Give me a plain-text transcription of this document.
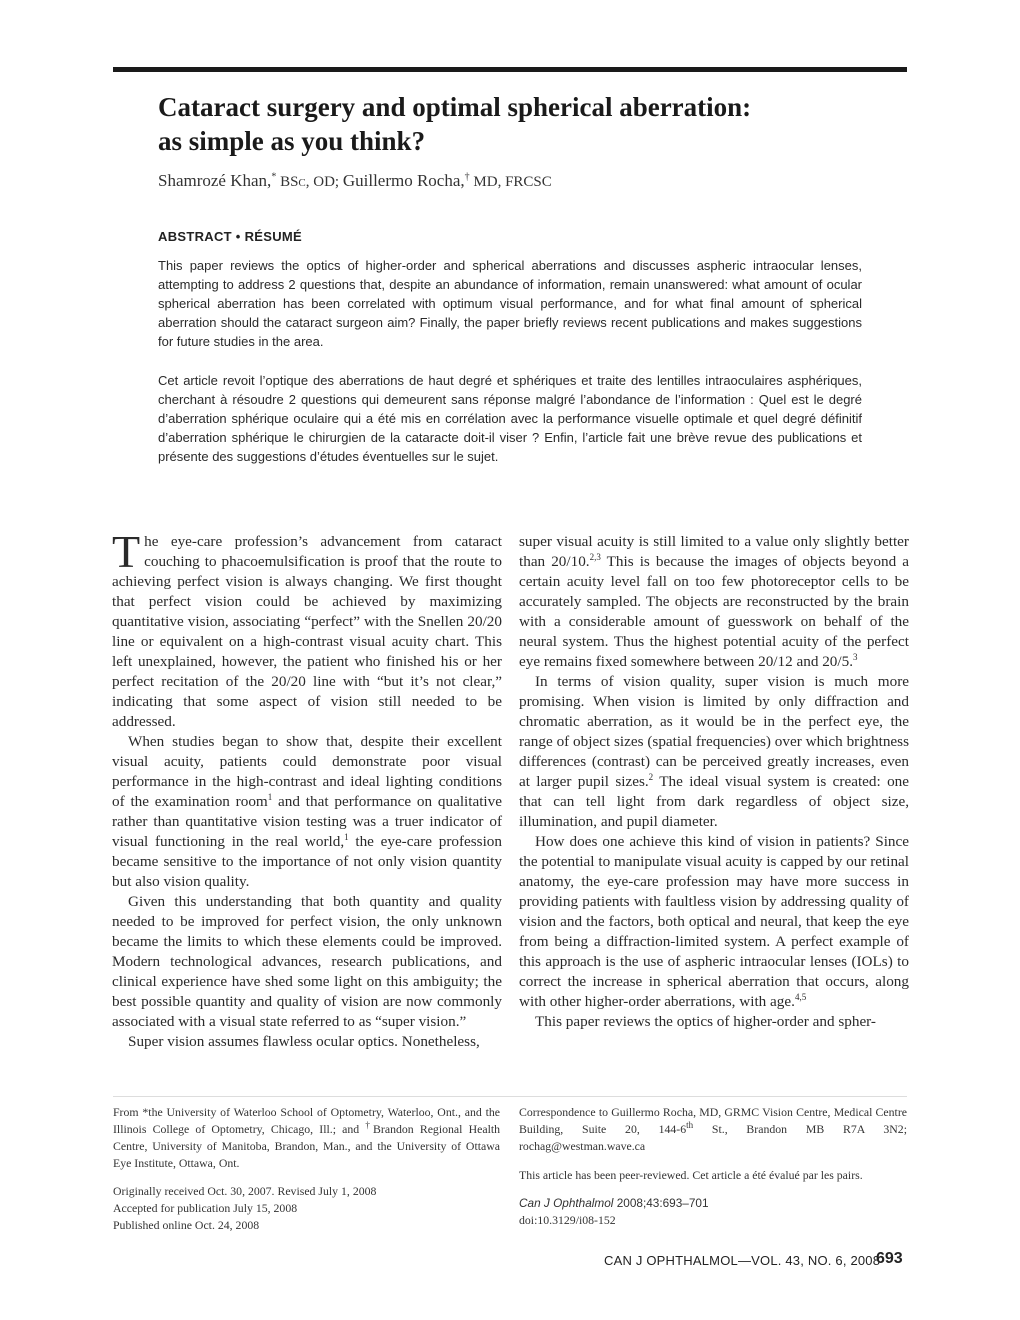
Cataract surgery and optimal spherical aberration:
as simple as you think?
Shamrozé Khan,* BSc, OD; Guillermo Rocha,† MD, FRCSC
ABSTRACT • RÉSUMÉ

This paper reviews the optics of higher-order and spherical aberrations and discusses aspheric intraocular lenses, attempting to address 2 questions that, despite an abundance of information, remain unanswered: what amount of ocular spherical aberration has been correlated with optimum visual performance, and for what final amount of spherical aberration should the cataract surgeon aim? Finally, the paper briefly reviews recent publications and makes suggestions for future studies in the area.

Cet article revoit l’optique des aberrations de haut degré et sphériques et traite des lentilles intraoculaires asphériques, cherchant à résoudre 2 questions qui demeurent sans réponse malgré l’abondance de l’information : Quel est le degré d’aberration sphérique oculaire qui a été mis en corrélation avec la performance visuelle optimale et quel degré définitif d’aberration sphérique le chirurgien de la cataracte doit-il viser ? Enfin, l’article fait une brève revue des publications et présente des suggestions d’études éventuelles sur le sujet.

The eye-care profession’s advancement from cataract couching to phacoemulsification is proof that the route to achieving perfect vision is always changing. We first thought that perfect vision could be achieved by maximizing quantitative vision, associating “perfect” with the Snellen 20/20 line or equivalent on a high-contrast visual acuity chart. This left unexplained, however, the patient who finished his or her perfect recitation of the 20/20 line with “but it’s not clear,” indicating that some aspect of vision still needed to be addressed.

When studies began to show that, despite their excellent visual acuity, patients could demonstrate poor visual performance in the high-contrast and ideal lighting conditions of the examination room$^1$ and that performance on qualitative rather than quantitative vision testing was a truer indicator of visual functioning in the real world,$^1$ the eye-care profession became sensitive to the importance of not only vision quantity but also vision quality.

Given this understanding that both quantity and quality needed to be improved for perfect vision, the only unknown became the limits to which these elements could be improved. Modern technological advances, research publications, and clinical experience have shed some light on this ambiguity; the best possible quantity and quality of vision are now commonly associated with a visual state referred to as “super vision.”

Super vision assumes flawless ocular optics. Nonetheless,

super visual acuity is still limited to a value only slightly better than 20/10.$^{2,3}$ This is because the images of objects beyond a certain acuity level fall on too few photoreceptor cells to be accurately sampled. The objects are reconstructed by the brain with a considerable amount of guesswork on behalf of the neural system. Thus the highest potential acuity of the perfect eye remains fixed somewhere between 20/12 and 20/5.$^3$

In terms of vision quality, super vision is much more promising. When vision is limited by only diffraction and chromatic aberration, as it would be in the perfect eye, the range of object sizes (spatial frequencies) over which brightness differences (contrast) can be perceived greatly increases, even at larger pupil sizes.$^2$ The ideal visual system is created: one that can tell light from dark regardless of object size, illumination, and pupil diameter.

How does one achieve this kind of vision in patients? Since the potential to manipulate visual acuity is capped by our retinal anatomy, the eye-care profession may have more success in providing patients with faultless vision by addressing quality of vision and the factors, both optical and neural, that keep the eye from being a diffraction-limited system. A perfect example of this approach is the use of aspheric intraocular lenses (IOLs) to correct the increase in spherical aberration that occurs, along with other higher-order aberrations, with age.$^{4,5}$

This paper reviews the optics of higher-order and spher-

From *the University of Waterloo School of Optometry, Waterloo, Ont., and the Illinois College of Optometry, Chicago, Ill.; and †Brandon Regional Health Centre, University of Manitoba, Brandon, Man., and the University of Ottawa Eye Institute, Ottawa, Ont.

Originally received Oct. 30, 2007. Revised July 1, 2008

Accepted for publication July 15, 2008

Published online Oct. 24, 2008

Correspondence to Guillermo Rocha, MD, GRMC Vision Centre, Medical Centre Building, Suite 20, 144-6th St., Brandon MB R7A 3N2; rochag@westman.wave.ca

This article has been peer-reviewed. Cet article a été évalué par les pairs.

Can J Ophthalmol 2008;43:693–701

doi:10.3129/i08-152

CAN J OPHTHALMOL—VOL. 43, NO. 6, 2008
693
